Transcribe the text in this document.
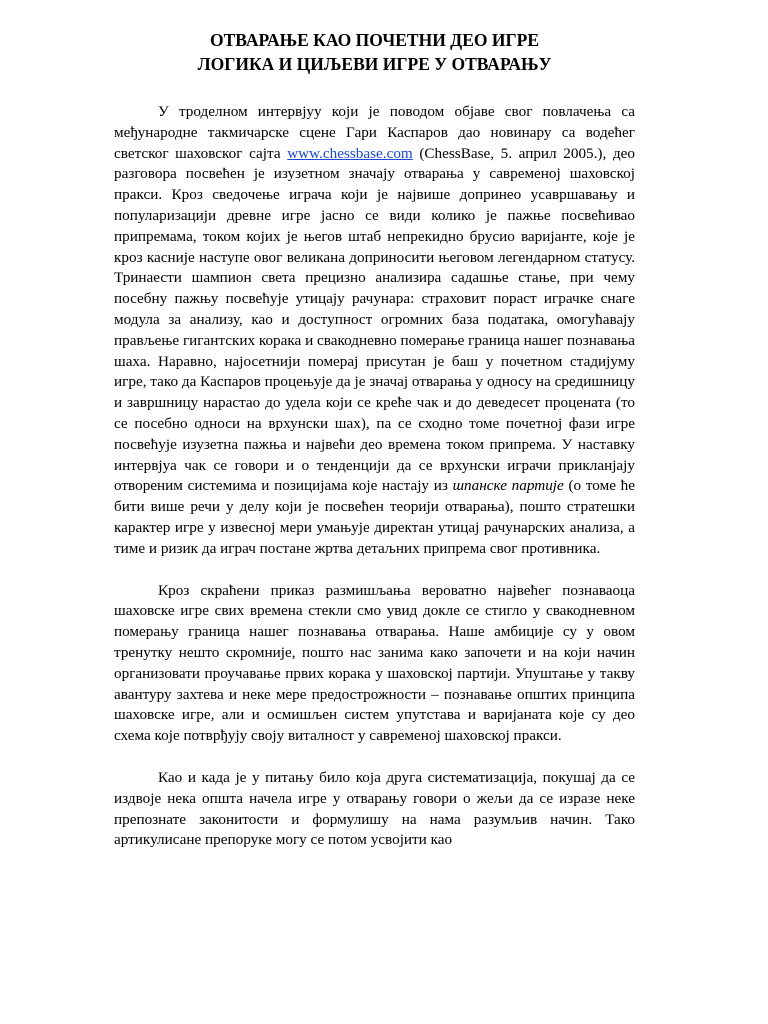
ОТВАРАЊЕ КАО ПОЧЕТНИ ДЕО ИГРЕ
ЛОГИКА И ЦИЉЕВИ ИГРЕ У ОТВАРАЊУ

У троделном интервјуу који је поводом објаве свог повлачења са међународне такмичарске сцене Гари Каспаров дао новинару са водећег светског шаховског сајта www.chessbase.com (ChessBase, 5. април 2005.), део разговора посвећен је изузетном значају отварања у савременој шаховској пракси. Кроз сведочење играча који је највише допринео усавршавању и популаризацији древне игре јасно се види колико је пажње посвећивао припремама, током којих је његов штаб непрекидно брусио варијанте, које је кроз касније наступе овог великана доприносити његовом легендарном статусу. Тринаести шампион света прецизно анализира садашње стање, при чему посебну пажњу посвећује утицају рачунара: страховит пораст играчке снаге модула за анализу, као и доступност огромних база података, омогућавају прављење гигантских корака и свакодневно померање граница нашег познавања шаха. Наравно, најосетнији померај присутан је баш у почетном стадијуму игре, тако да Каспаров процењује да је значај отварања у односу на средишницу и завршницу нарастао до удела који се креће чак и до деведесет процената (то се посебно односи на врхунски шах), па се сходно томе почетној фази игре посвећује изузетна пажња и највећи део времена током припрема. У наставку интервјуа чак се говори и о тенденцији да се врхунски играчи прикланјају отвореним системима и позицијама које настају из шпанске партије (о томе ће бити више речи у делу који је посвећен теорији отварања), пошто стратешки карактер игре у извесној мери умањује директан утицај рачунарских анализа, а тиме и ризик да играч постане жртва детаљних припрема свог противника.

Кроз скраћени приказ размишљања вероватно највећег познаваоца шаховске игре свих времена стекли смо увид докле се стигло у свакодневном померању граница нашег познавања отварања. Наше амбиције су у овом тренутку нешто скромније, пошто нас занима како започети и на који начин организовати проучавање првих корака у шаховској партији. Упуштање у такву авантуру захтева и неке мере предострожности – познавање општих принципа шаховске игре, али и осмишљен систем упутстава и варијаната које су део схема које потврђују своју виталност у савременој шаховској пракси.

Као и када је у питању било која друга систематизација, покушај да се издвоје нека општа начела игре у отварању говори о жељи да се изразе неке препознате законитости и формулишу на нама разумљив начин. Тако артикулисане препоруке могу се потом усвојити као
